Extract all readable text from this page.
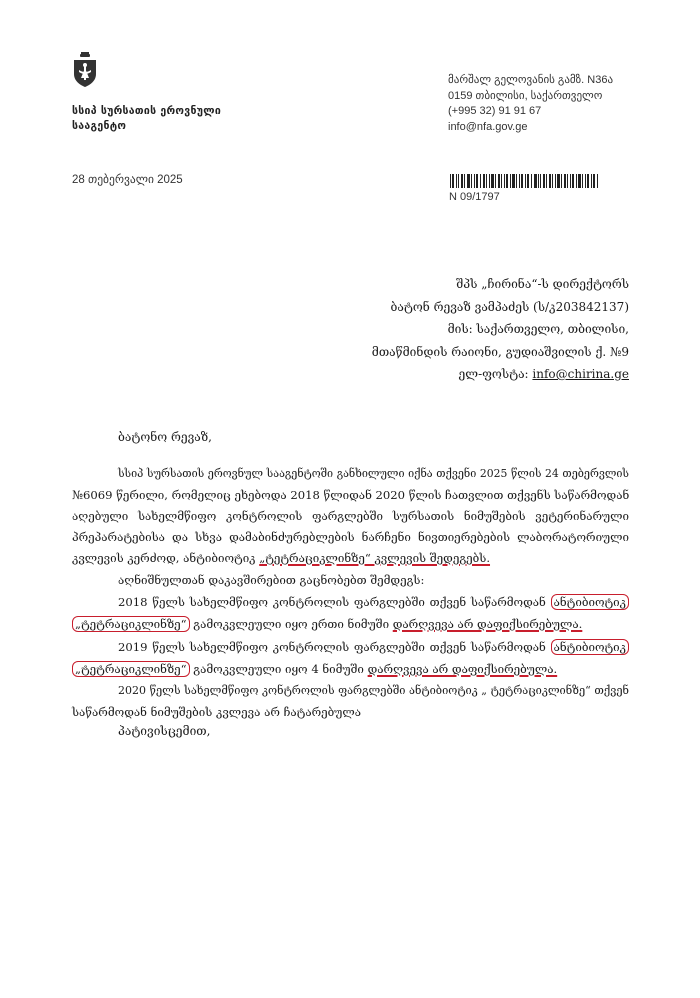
სსიპ სურსათის ეროვნული
სააგენტო
მარშალ გელოვანის გამზ. N36ა
0159 თბილისი, საქართველო
(+995 32) 91 91 67
info@nfa.gov.ge
28 თებერვალი 2025
N 09/1797
შპს „ჩირინა“-ს დირექტორს
ბატონ რევაზ ვამპაძეს (ს/კ203842137)
მის: საქართველო, თბილისი,
მთაწმინდის რაიონი, გუდიაშვილის ქ. №9
ელ-ფოსტა: info@chirina.ge
ბატონო რევაზ,
სსიპ სურსათის ეროვნულ სააგენტოში განხილული იქნა თქვენი 2025 წლის 24 თებერვლის
№6069 წერილი, რომელიც ეხებოდა 2018 წლიდან 2020 წლის ჩათვლით თქვენს საწარმოდან
აღებული სახელმწიფო კონტროლის ფარგლებში სურსათის ნიმუშების ვეტერინარული
პრეპარატებისა და სხვა დამაბინძურებლების ნარჩენი ნივთიერებების ლაბორატორიული
კვლევის კერძოდ, ანტიბიოტიკ „ტეტრაციკლინზე“ კვლევის შედეგებს.
აღნიშნულთან დაკავშირებით გაცნობებთ შემდეგს:
2018 წელს სახელმწიფო კონტროლის ფარგლებში თქვენ საწარმოდან ანტიბიოტიკ
„ტეტრაციკლინზე“ გამოკვლეული იყო ერთი ნიმუში დარღვევა არ დაფიქსირებულა.
2019 წელს სახელმწიფო კონტროლის ფარგლებში თქვენ საწარმოდან ანტიბიოტიკ
„ტეტრაციკლინზე“ გამოკვლეული იყო 4 ნიმუში დარღვევა არ დაფიქსირებულა.
2020 წელს სახელმწიფო კონტროლის ფარგლებში ანტიბიოტიკ „ ტეტრაციკლინზე“ თქვენ
საწარმოდან ნიმუშების კვლევა არ ჩატარებულა
პატივისცემით,
